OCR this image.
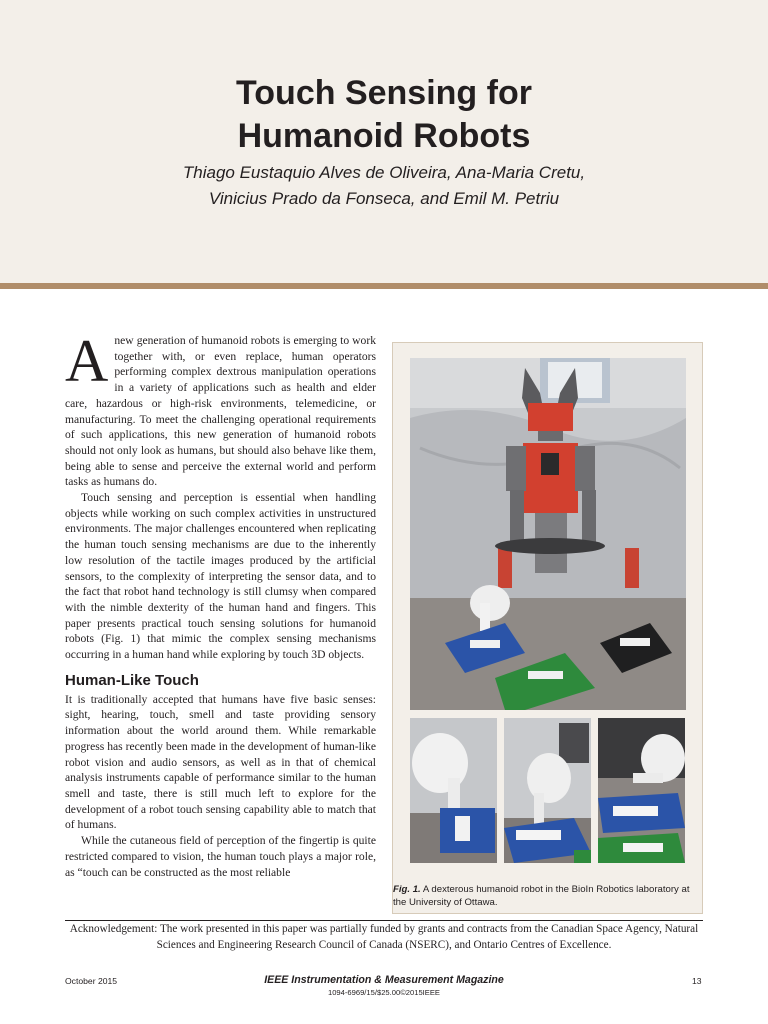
Touch Sensing for
Humanoid Robots
Thiago Eustaquio Alves de Oliveira, Ana-Maria Cretu,
Vinicius Prado da Fonseca, and Emil M. Petriu

Anew generation of humanoid robots is emerging to work together with, or even replace, human operators performing complex dextrous manipulation operations in a variety of applications such as health and elder care, hazardous or high-risk environments, telemedicine, or manufacturing. To meet the challenging operational requirements of such applications, this new generation of humanoid robots should not only look as humans, but should also behave like them, being able to sense and perceive the external world and perform tasks as humans do.

Touch sensing and perception is essential when handling objects while working on such complex activities in unstructured environments. The major challenges encountered when replicating the human touch sensing mechanisms are due to the inherently low resolution of the tactile images produced by the artificial sensors, to the complexity of interpreting the sensor data, and to the fact that robot hand technology is still clumsy when compared with the nimble dexterity of the human hand and fingers. This paper presents practical touch sensing solutions for humanoid robots (Fig. 1) that mimic the complex sensing mechanisms occurring in a human hand while exploring by touch 3D objects.

Human-Like Touch

It is traditionally accepted that humans have five basic senses: sight, hearing, touch, smell and taste providing sensory information about the world around them. While remarkable progress has recently been made in the development of human-like robot vision and audio sensors, as well as in that of chemical analysis instruments capable of performance similar to the human smell and taste, there is still much left to explore for the development of a robot touch sensing capability able to match that of humans.

While the cutaneous field of perception of the fingertip is quite restricted compared to vision, the human touch plays a major role, as “touch can be constructed as the most reliable

Fig. 1. A dexterous humanoid robot in the BioIn Robotics laboratory at the University of Ottawa.
Acknowledgement: The work presented in this paper was partially funded by grants and contracts from the Canadian Space Agency, Natural Sciences and Engineering Research Council of Canada (NSERC), and Ontario Centres of Excellence.
October 2015	IEEE Instrumentation & Measurement Magazine
1094-6969/15/$25.00©2015IEEE
13
